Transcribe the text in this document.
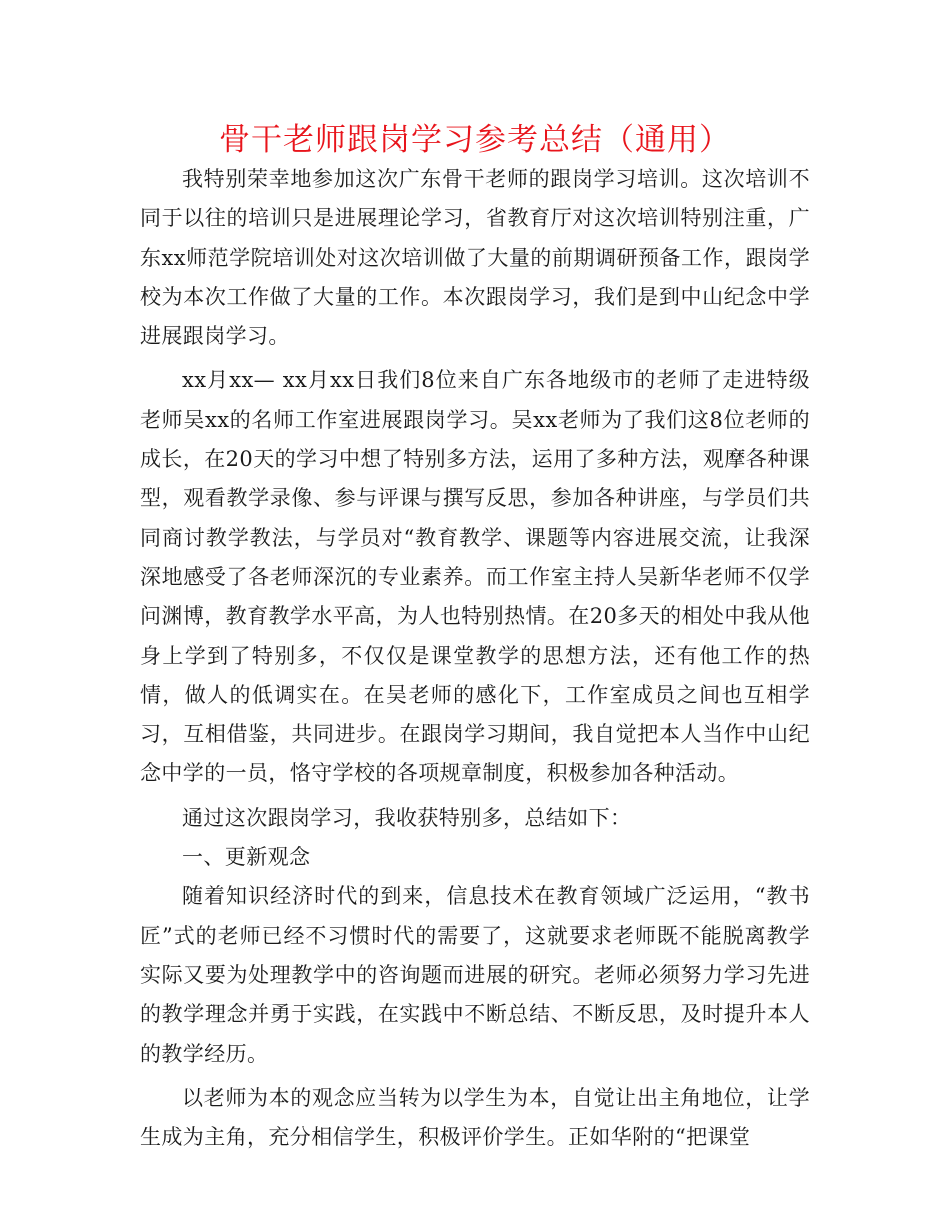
骨干老师跟岗学习参考总结（通用）

我特别荣幸地参加这次广东骨干老师的跟岗学习培训。这次培训不同于以往的培训只是进展理论学习，省教育厅对这次培训特别注重，广东xx师范学院培训处对这次培训做了大量的前期调研预备工作，跟岗学校为本次工作做了大量的工作。本次跟岗学习，我们是到中山纪念中学进展跟岗学习。

xx月xx— xx月xx日我们8位来自广东各地级市的老师了走进特级老师吴xx的名师工作室进展跟岗学习。吴xx老师为了我们这8位老师的成长，在20天的学习中想了特别多方法，运用了多种方法，观摩各种课型，观看教学录像、参与评课与撰写反思，参加各种讲座，与学员们共同商讨教学教法，与学员对“教育教学、课题等内容进展交流，让我深深地感受了各老师深沉的专业素养。而工作室主持人吴新华老师不仅学问渊博，教育教学水平高，为人也特别热情。在20多天的相处中我从他身上学到了特别多，不仅仅是课堂教学的思想方法，还有他工作的热情，做人的低调实在。在吴老师的感化下，工作室成员之间也互相学习，互相借鉴，共同进步。在跟岗学习期间，我自觉把本人当作中山纪念中学的一员，恪守学校的各项规章制度，积极参加各种活动。

通过这次跟岗学习，我收获特别多，总结如下：

一、更新观念

随着知识经济时代的到来，信息技术在教育领域广泛运用，“教书匠”式的老师已经不习惯时代的需要了，这就要求老师既不能脱离教学实际又要为处理教学中的咨询题而进展的研究。老师必须努力学习先进的教学理念并勇于实践，在实践中不断总结、不断反思，及时提升本人的教学经历。

以老师为本的观念应当转为以学生为本，自觉让出主角地位，让学生成为主角，充分相信学生，积极评价学生。正如华附的“把课堂
